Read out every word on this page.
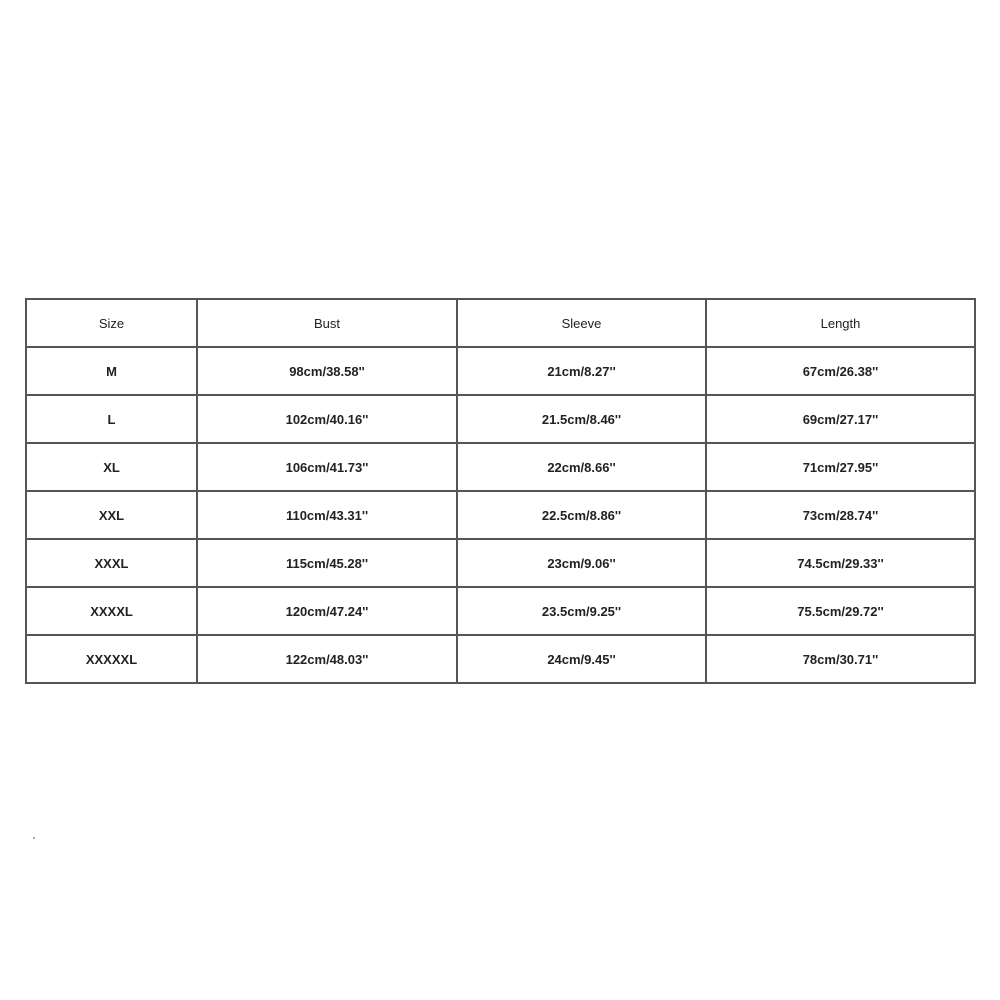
Size	Bust	Sleeve	Length
M	98cm/38.58''	21cm/8.27''	67cm/26.38''
L	102cm/40.16''	21.5cm/8.46''	69cm/27.17''
XL	106cm/41.73''	22cm/8.66''	71cm/27.95''
XXL	110cm/43.31''	22.5cm/8.86''	73cm/28.74''
XXXL	115cm/45.28''	23cm/9.06''	74.5cm/29.33''
XXXXL	120cm/47.24''	23.5cm/9.25''	75.5cm/29.72''
XXXXXL	122cm/48.03''	24cm/9.45''	78cm/30.71''
